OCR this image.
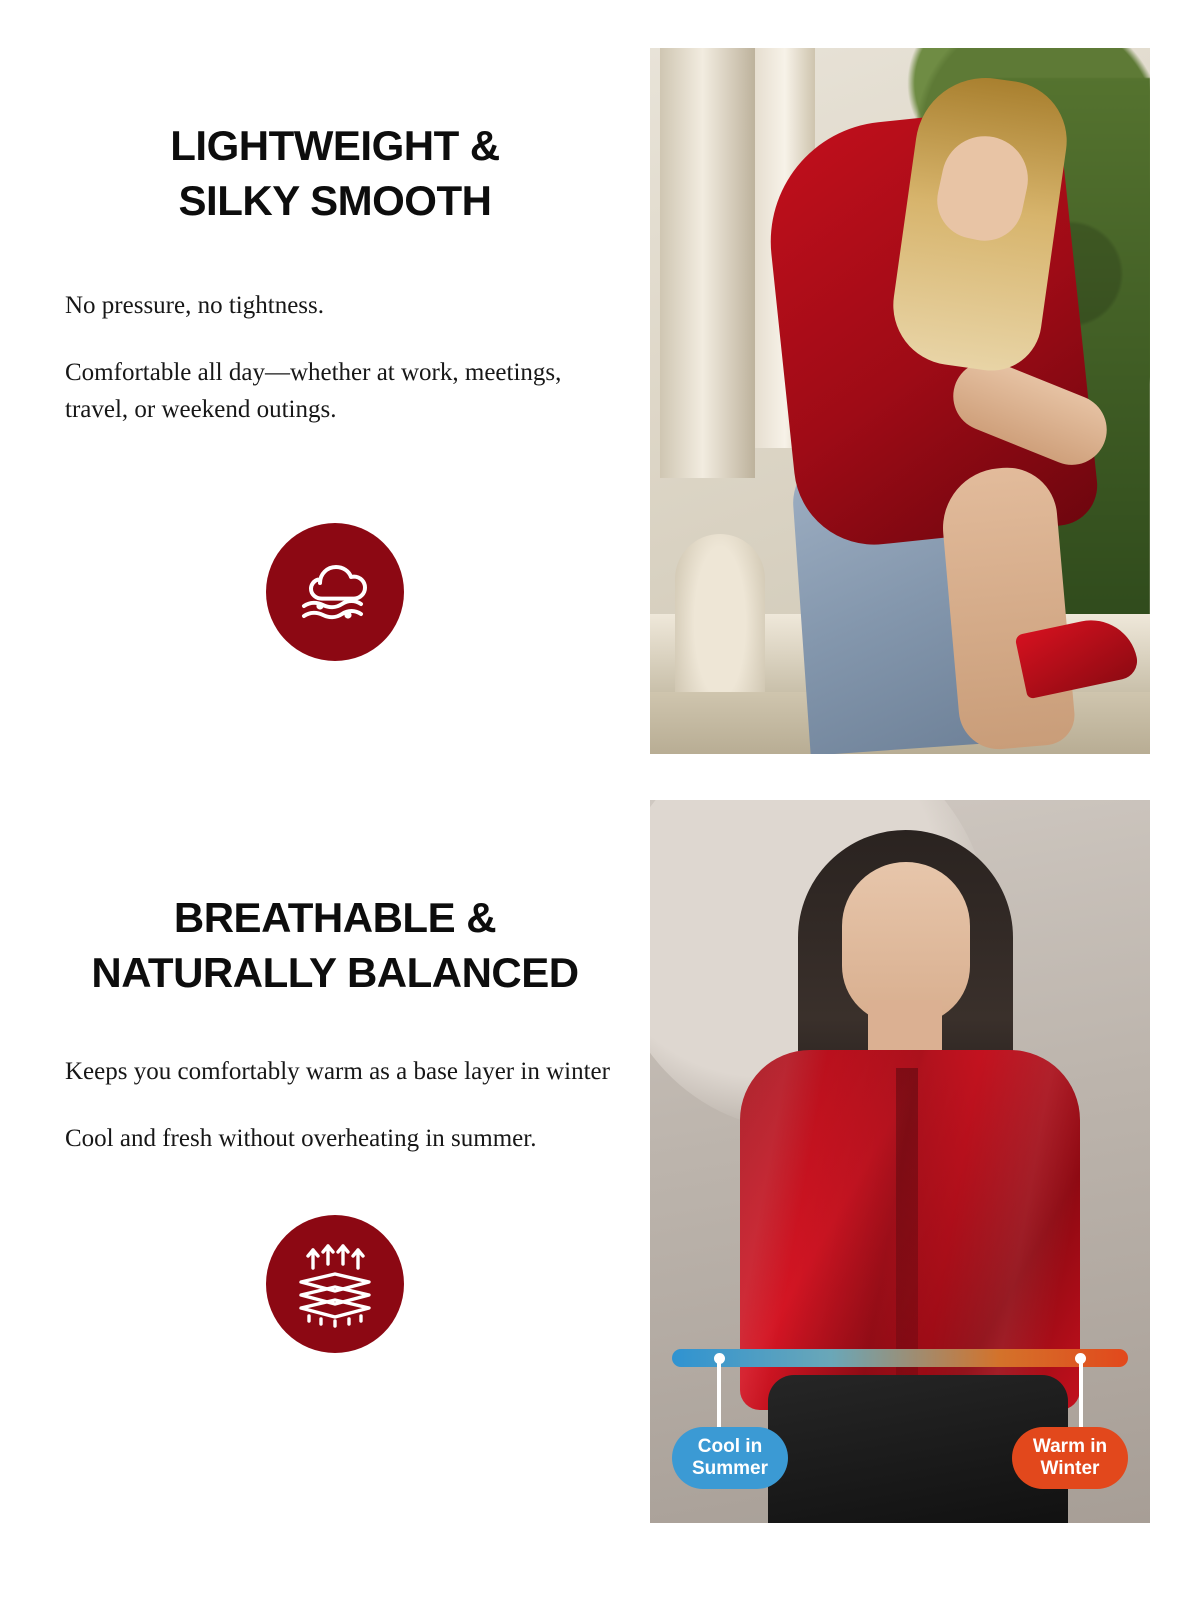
LIGHTWEIGHT &
SILKY SMOOTH

No pressure, no tightness.

Comfortable all day—whether at work, meetings, travel, or weekend outings.

BREATHABLE &
NATURALLY BALANCED

Keeps you comfortably warm as a base layer in winter

Cool and fresh without overheating in summer.

Cool in
Summer
Warm in
Winter
